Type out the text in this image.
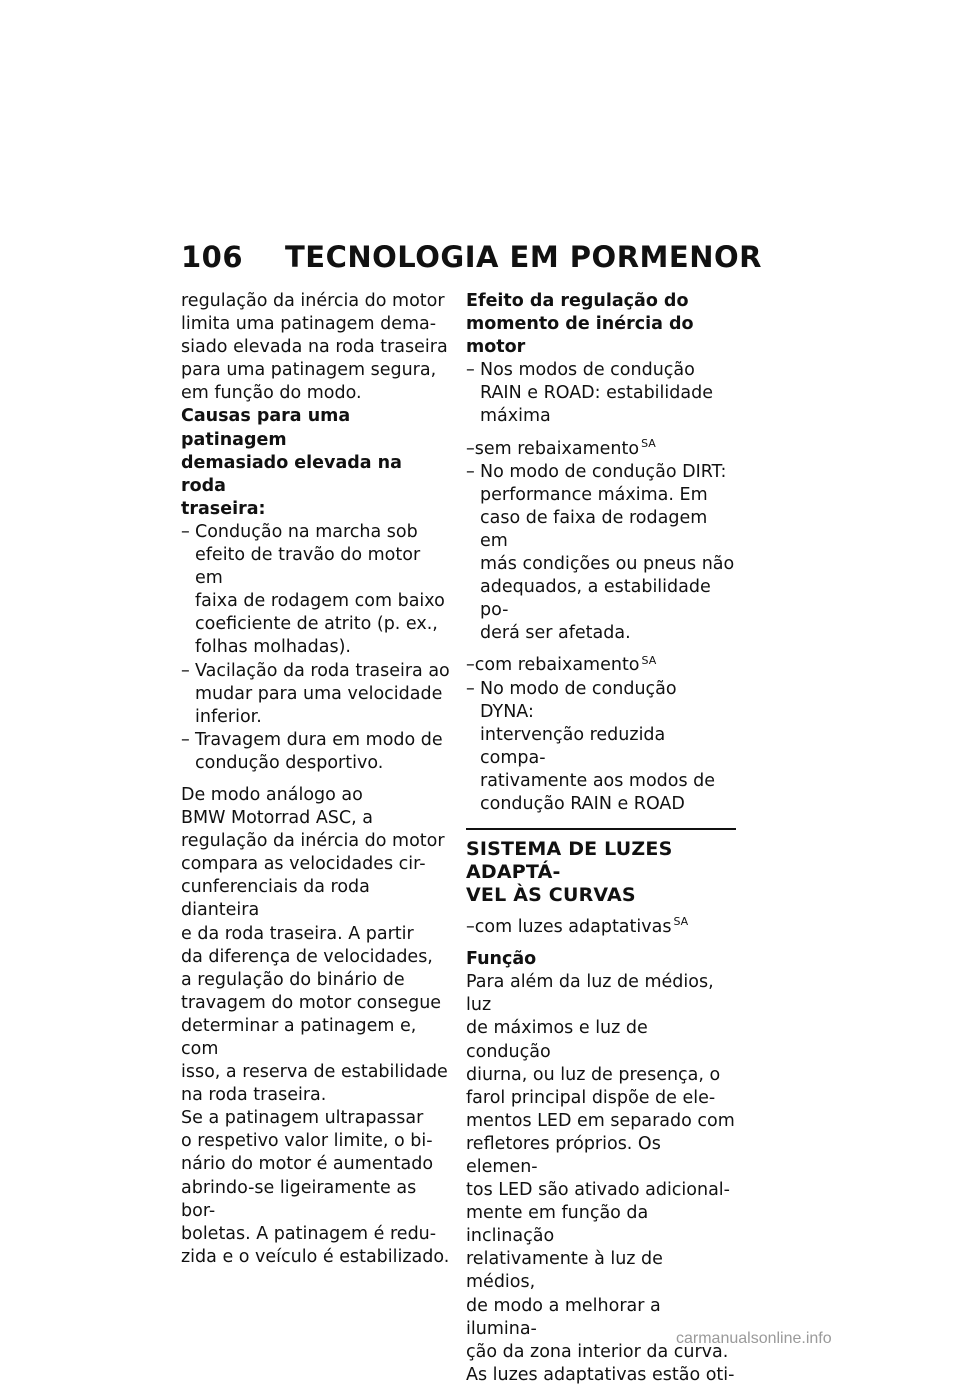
106 TECNOLOGIA EM PORMENOR

regulação da inércia do motor

limita uma patinagem dema-

siado elevada na roda traseira

para uma patinagem segura,

em função do modo.

Causas para uma patinagem

demasiado elevada na roda

traseira:

– Condução na marcha sob

efeito de travão do motor em

faixa de rodagem com baixo

coeficiente de atrito (p. ex.,

folhas molhadas).

– Vacilação da roda traseira ao

mudar para uma velocidade

inferior.

– Travagem dura em modo de

condução desportivo.

De modo análogo ao

BMW Motorrad ASC, a

regulação da inércia do motor

compara as velocidades cir-

cunferenciais da roda dianteira

e da roda traseira. A partir

da diferença de velocidades,

a regulação do binário de

travagem do motor consegue

determinar a patinagem e, com

isso, a reserva de estabilidade

na roda traseira.

Se a patinagem ultrapassar

o respetivo valor limite, o bi-

nário do motor é aumentado

abrindo-se ligeiramente as bor-

boletas. A patinagem é redu-

zida e o veículo é estabilizado.

Efeito da regulação do

momento de inércia do motor

– Nos modos de condução

RAIN e ROAD: estabilidade

máxima

–sem rebaixamento $^{SA}$

– No modo de condução DIRT:

performance máxima. Em

caso de faixa de rodagem em

más condições ou pneus não

adequados, a estabilidade po-

derá ser afetada.

–com rebaixamento $^{SA}$

– No modo de condução DYNA:

intervenção reduzida compa-

rativamente aos modos de

condução RAIN e ROAD

SISTEMA DE LUZES ADAPTÁ-

VEL ÀS CURVAS

–com luzes adaptativas $^{SA}$

Função

Para além da luz de médios, luz

de máximos e luz de condução

diurna, ou luz de presença, o

farol principal dispõe de ele-

mentos LED em separado com

refletores próprios. Os elemen-

tos LED são ativado adicional-

mente em função da inclinação

relativamente à luz de médios,

de modo a melhorar a ilumina-

ção da zona interior da curva.

As luzes adaptativas estão oti-

carmanualsonline.info
